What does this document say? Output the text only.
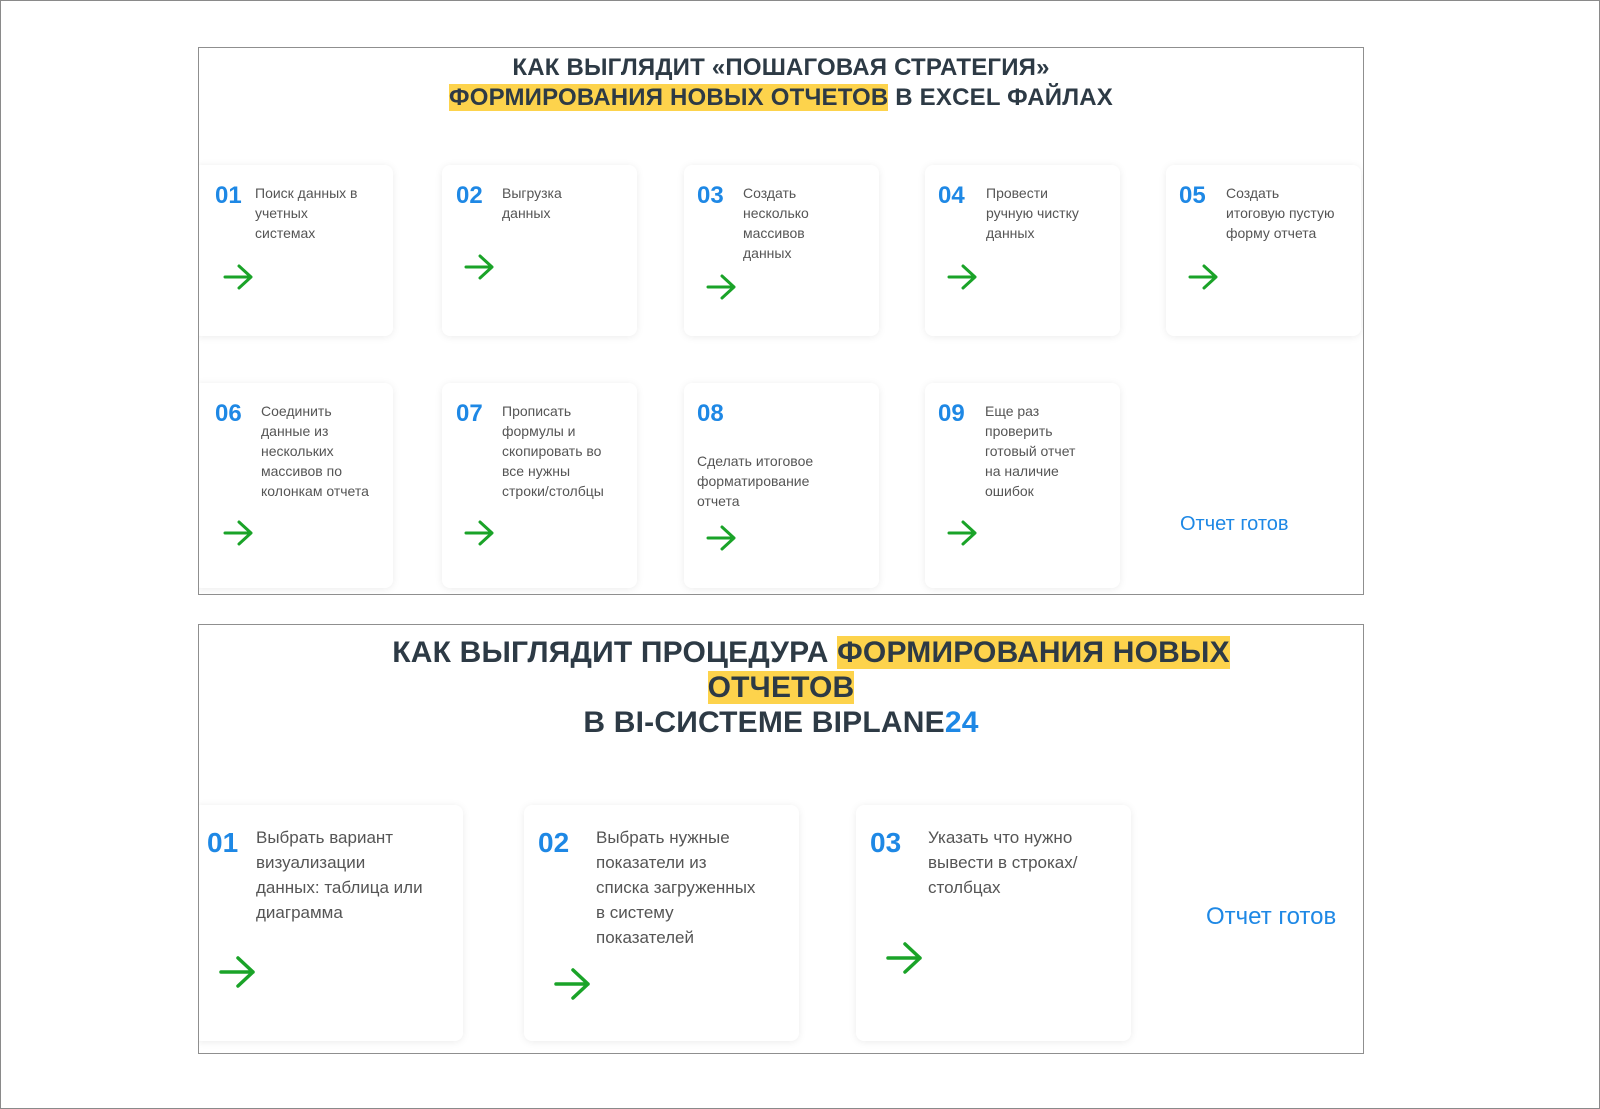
КАК ВЫГЛЯДИТ «ПОШАГОВАЯ СТРАТЕГИЯ»
ФОРМИРОВАНИЯ НОВЫХ ОТЧЕТОВ В EXCEL ФАЙЛАХ
01 Поиск данных в
учетных
системах
02 Выгрузка
данных
03 Создать
несколько
массивов
данных
04 Провести
ручную чистку
данных
05 Создать
итоговую пустую
форму отчета
06 Соединить
данные из
нескольких
массивов по
колонкам отчета
07 Прописать
формулы и
скопировать во
все нужны
строки/столбцы
08
Сделать итоговое
форматирование
отчета
09 Еще раз
проверить
готовый отчет
на наличие
ошибок
Отчет готов
КАК ВЫГЛЯДИТ ПРОЦЕДУРА ФОРМИРОВАНИЯ НОВЫХ
ОТЧЕТОВ
В BI-СИСТЕМЕ BIPLANE24
01 Выбрать вариант
визуализации
данных: таблица или
диаграмма
02 Выбрать нужные
показатели из
списка загруженных
в систему
показателей
03 Указать что нужно
вывести в строках/
столбцах
Отчет готов
